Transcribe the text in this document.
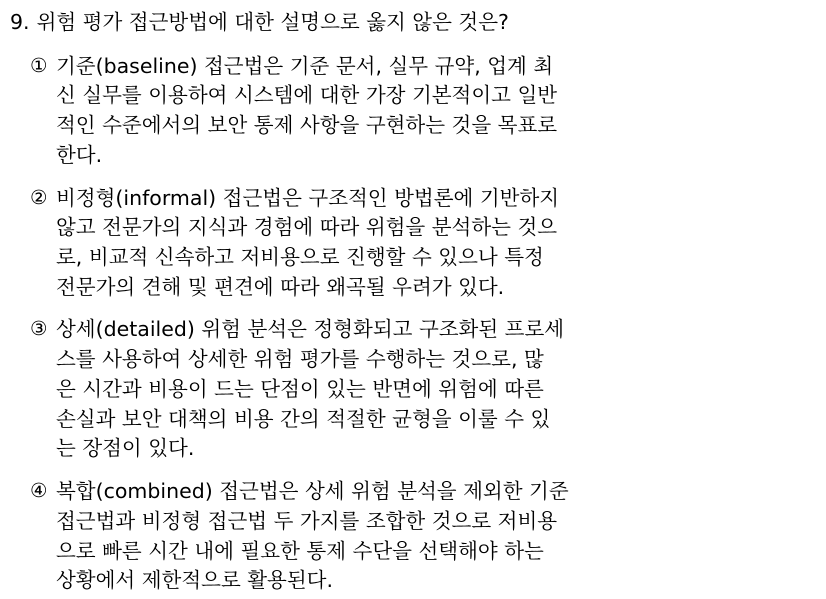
9. 위험 평가 접근방법에 대한 설명으로 옳지 않은 것은?
① 기준(baseline) 접근법은 기준 문서, 실무 규약, 업계 최
신 실무를 이용하여 시스템에 대한 가장 기본적이고 일반
적인 수준에서의 보안 통제 사항을 구현하는 것을 목표로
한다.
② 비정형(informal) 접근법은 구조적인 방법론에 기반하지
않고 전문가의 지식과 경험에 따라 위험을 분석하는 것으
로, 비교적 신속하고 저비용으로 진행할 수 있으나 특정
전문가의 견해 및 편견에 따라 왜곡될 우려가 있다.
③ 상세(detailed) 위험 분석은 정형화되고 구조화된 프로세
스를 사용하여 상세한 위험 평가를 수행하는 것으로, 많
은 시간과 비용이 드는 단점이 있는 반면에 위험에 따른
손실과 보안 대책의 비용 간의 적절한 균형을 이룰 수 있
는 장점이 있다.
④ 복합(combined) 접근법은 상세 위험 분석을 제외한 기준
접근법과 비정형 접근법 두 가지를 조합한 것으로 저비용
으로 빠른 시간 내에 필요한 통제 수단을 선택해야 하는
상황에서 제한적으로 활용된다.
